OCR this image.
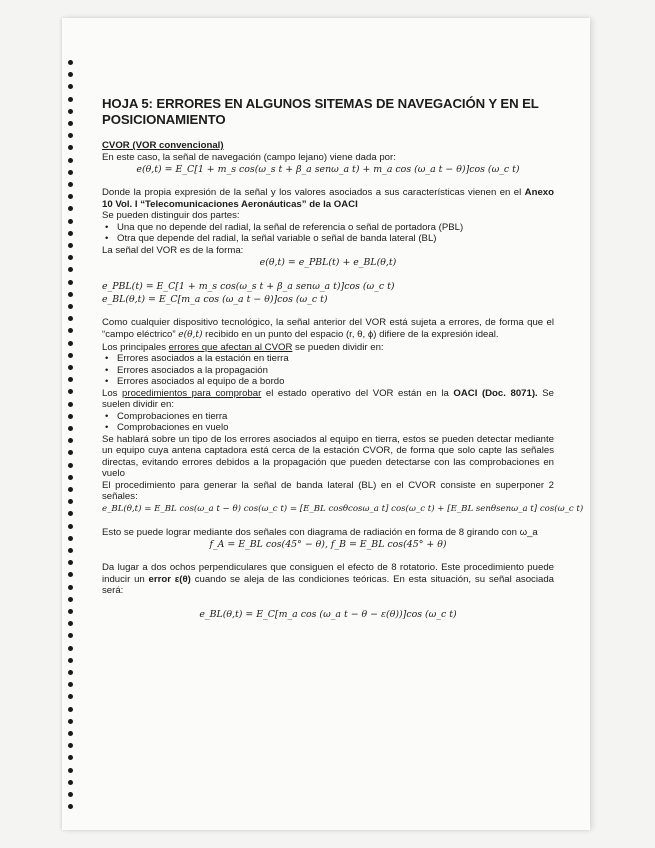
HOJA 5: ERRORES EN ALGUNOS SITEMAS DE NAVEGACIÓN Y EN EL
POSICIONAMIENTO

CVOR (VOR convencional)

En este caso, la señal de navegación (campo lejano) viene dada por:

e(θ,t) = E_C[1 + m_s cos(ω_s t + β_a senω_a t) + m_a cos (ω_a t − θ)]cos (ω_c t)

Donde la propia expresión de la señal y los valores asociados a sus características vienen en el Anexo 10 Vol. I “Telecomunicaciones Aeronáuticas” de la OACI

Se pueden distinguir dos partes:

• Una que no depende del radial, la señal de referencia o señal de portadora (PBL)
• Otra que depende del radial, la señal variable o señal de banda lateral (BL)

La señal del VOR es de la forma:

e(θ,t) = e_PBL(t) + e_BL(θ,t)
e_PBL(t) = E_C[1 + m_s cos(ω_s t + β_a senω_a t)]cos (ω_c t)
e_BL(θ,t) = E_C[m_a cos (ω_a t − θ)]cos (ω_c t)

Como cualquier dispositivo tecnológico, la señal anterior del VOR está sujeta a errores, de forma que el “campo eléctrico” e(θ,t) recibido en un punto del espacio (r, θ, ϕ) difiere de la expresión ideal.

Los principales errores que afectan al CVOR se pueden dividir en:

• Errores asociados a la estación en tierra
• Errores asociados a la propagación
• Errores asociados al equipo de a bordo

Los procedimientos para comprobar el estado operativo del VOR están en la OACI (Doc. 8071). Se suelen dividir en:

• Comprobaciones en tierra
• Comprobaciones en vuelo

Se hablará sobre un tipo de los errores asociados al equipo en tierra, estos se pueden detectar mediante un equipo cuya antena captadora está cerca de la estación CVOR, de forma que solo capte las señales directas, evitando errores debidos a la propagación que pueden detectarse con las comprobaciones en vuelo

El procedimiento para generar la señal de banda lateral (BL) en el CVOR consiste en superponer 2 señales:

e_BL(θ,t) = E_BL cos(ω_a t − θ) cos(ω_c t) = [E_BL cosθcosω_a t] cos(ω_c t) + [E_BL senθsenω_a t] cos(ω_c t)

Esto se puede lograr mediante dos señales con diagrama de radiación en forma de 8 girando con ω_a

f_A = E_BL cos(45° − θ), f_B = E_BL cos(45° + θ)

Da lugar a dos ochos perpendiculares que consiguen el efecto de 8 rotatorio. Este procedimiento puede inducir un error ε(θ) cuando se aleja de las condiciones teóricas. En esta situación, su señal asociada será:

e_BL(θ,t) = E_C[m_a cos (ω_a t − θ − ε(θ))]cos (ω_c t)
